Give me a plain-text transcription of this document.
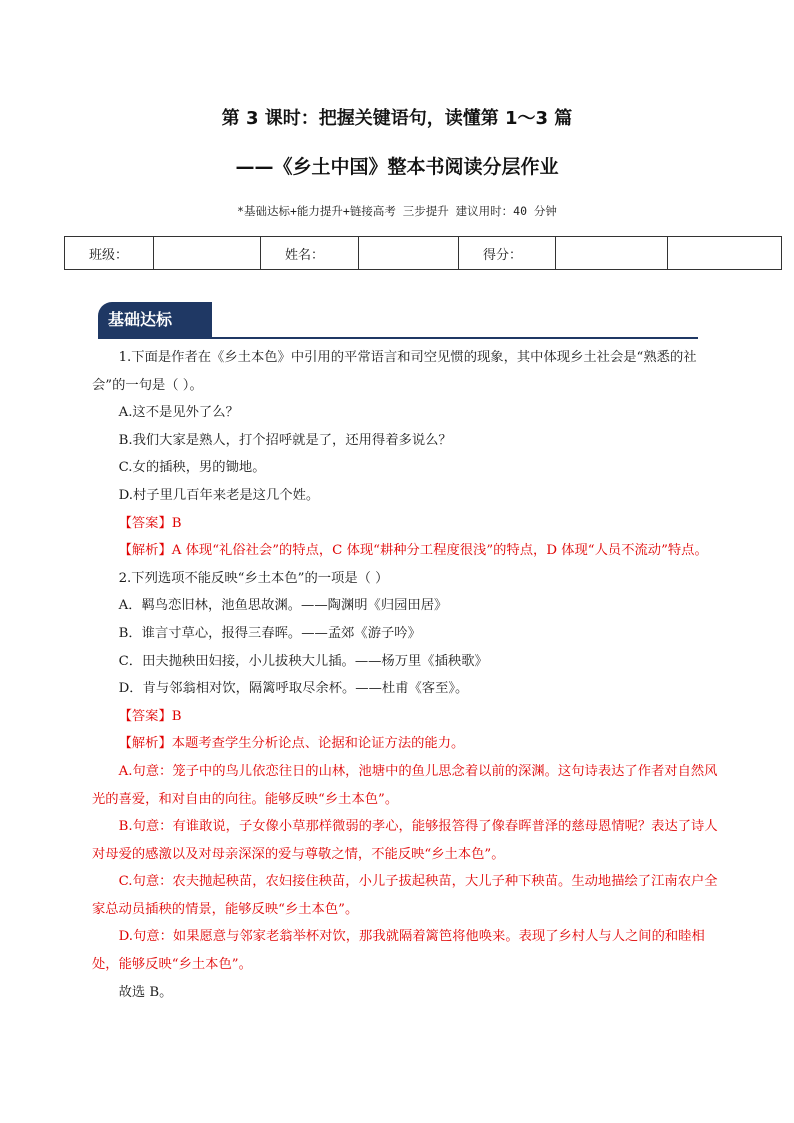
第 3 课时：把握关键语句，读懂第 1～3 篇
——《乡土中国》整本书阅读分层作业
*基础达标+能力提升+链接高考 三步提升 建议用时：40 分钟
班级：		姓名：		得分：		
基础达标

1.下面是作者在《乡土本色》中引用的平常语言和司空见惯的现象，其中体现乡土社会是“熟悉的社会”的一句是（ ）。

A.这不是见外了么？

B.我们大家是熟人，打个招呼就是了，还用得着多说么？

C.女的插秧，男的锄地。

D.村子里几百年来老是这几个姓。

【答案】B

【解析】A 体现“礼俗社会”的特点，C 体现“耕种分工程度很浅”的特点，D 体现“人员不流动”特点。

2.下列选项不能反映“乡土本色”的一项是（ ）

A．羁鸟恋旧林，池鱼思故渊。——陶渊明《归园田居》

B．谁言寸草心，报得三春晖。——孟郊《游子吟》

C．田夫抛秧田妇接，小儿拔秧大儿插。——杨万里《插秧歌》

D．肯与邻翁相对饮，隔篱呼取尽余杯。——杜甫《客至》。

【答案】B

【解析】本题考查学生分析论点、论据和论证方法的能力。

A.句意：笼子中的鸟儿依恋往日的山林，池塘中的鱼儿思念着以前的深渊。这句诗表达了作者对自然风光的喜爱，和对自由的向往。能够反映“乡土本色”。

B.句意：有谁敢说，子女像小草那样微弱的孝心，能够报答得了像春晖普泽的慈母恩情呢？表达了诗人对母爱的感激以及对母亲深深的爱与尊敬之情，不能反映“乡土本色”。

C.句意：农夫抛起秧苗，农妇接住秧苗，小儿子拔起秧苗，大儿子种下秧苗。生动地描绘了江南农户全家总动员插秧的情景，能够反映“乡土本色”。

D.句意：如果愿意与邻家老翁举杯对饮，那我就隔着篱笆将他唤来。表现了乡村人与人之间的和睦相处，能够反映“乡土本色”。

故选 B。
